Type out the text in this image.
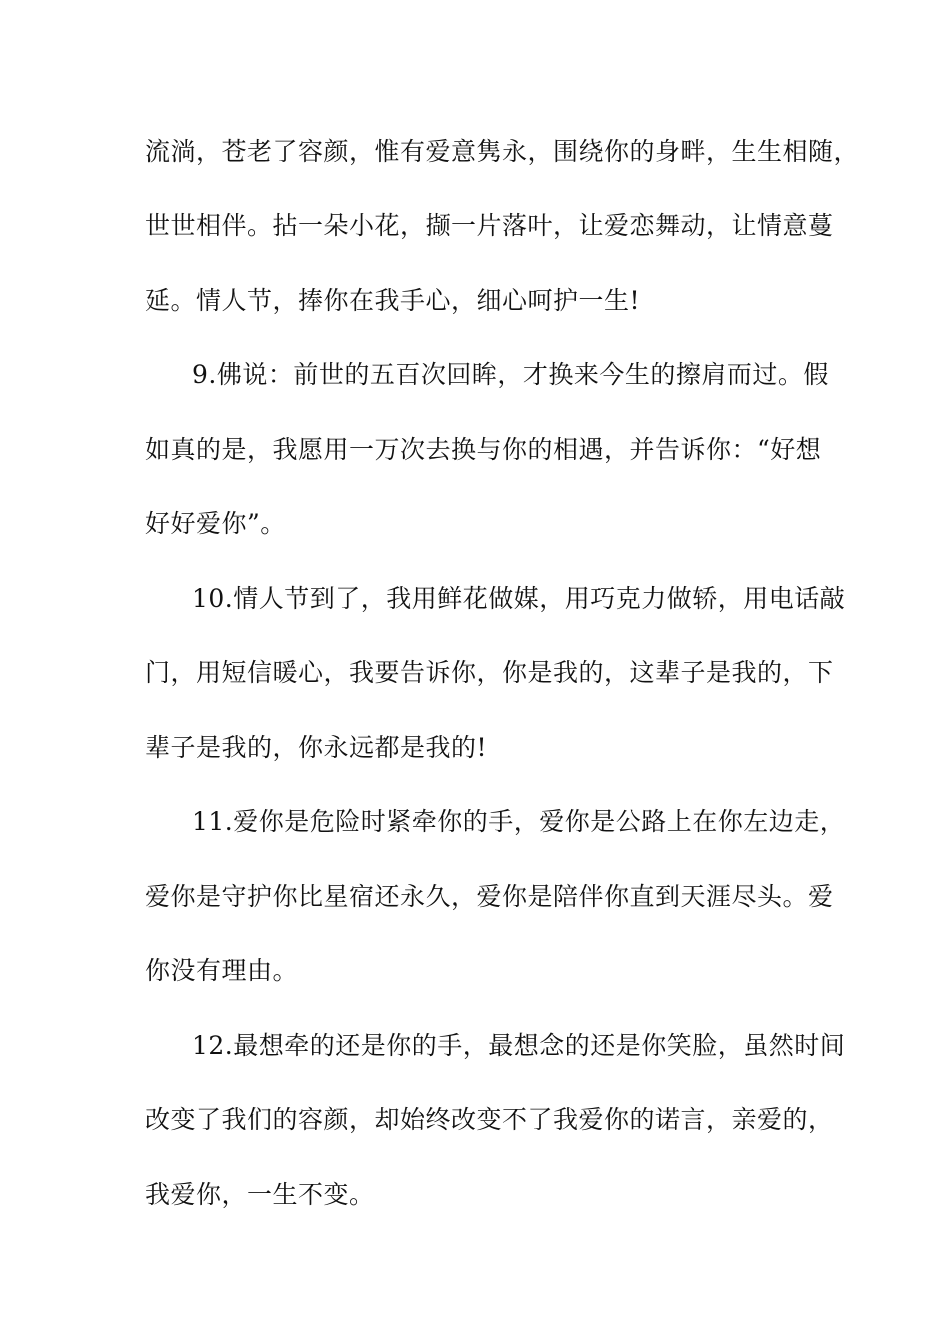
流淌，苍老了容颜，惟有爱意隽永，围绕你的身畔，生生相随，
世世相伴。拈一朵小花，撷一片落叶，让爱恋舞动，让情意蔓
延。情人节，捧你在我手心，细心呵护一生!
9.佛说：前世的五百次回眸，才换来今生的擦肩而过。假
如真的是，我愿用一万次去换与你的相遇，并告诉你：“好想
好好爱你”。
10.情人节到了，我用鲜花做媒，用巧克力做轿，用电话敲
门，用短信暖心，我要告诉你，你是我的，这辈子是我的，下
辈子是我的，你永远都是我的!
11.爱你是危险时紧牵你的手，爱你是公路上在你左边走，
爱你是守护你比星宿还永久，爱你是陪伴你直到天涯尽头。爱
你没有理由。
12.最想牵的还是你的手，最想念的还是你笑脸，虽然时间
改变了我们的容颜，却始终改变不了我爱你的诺言，亲爱的，
我爱你，一生不变。
